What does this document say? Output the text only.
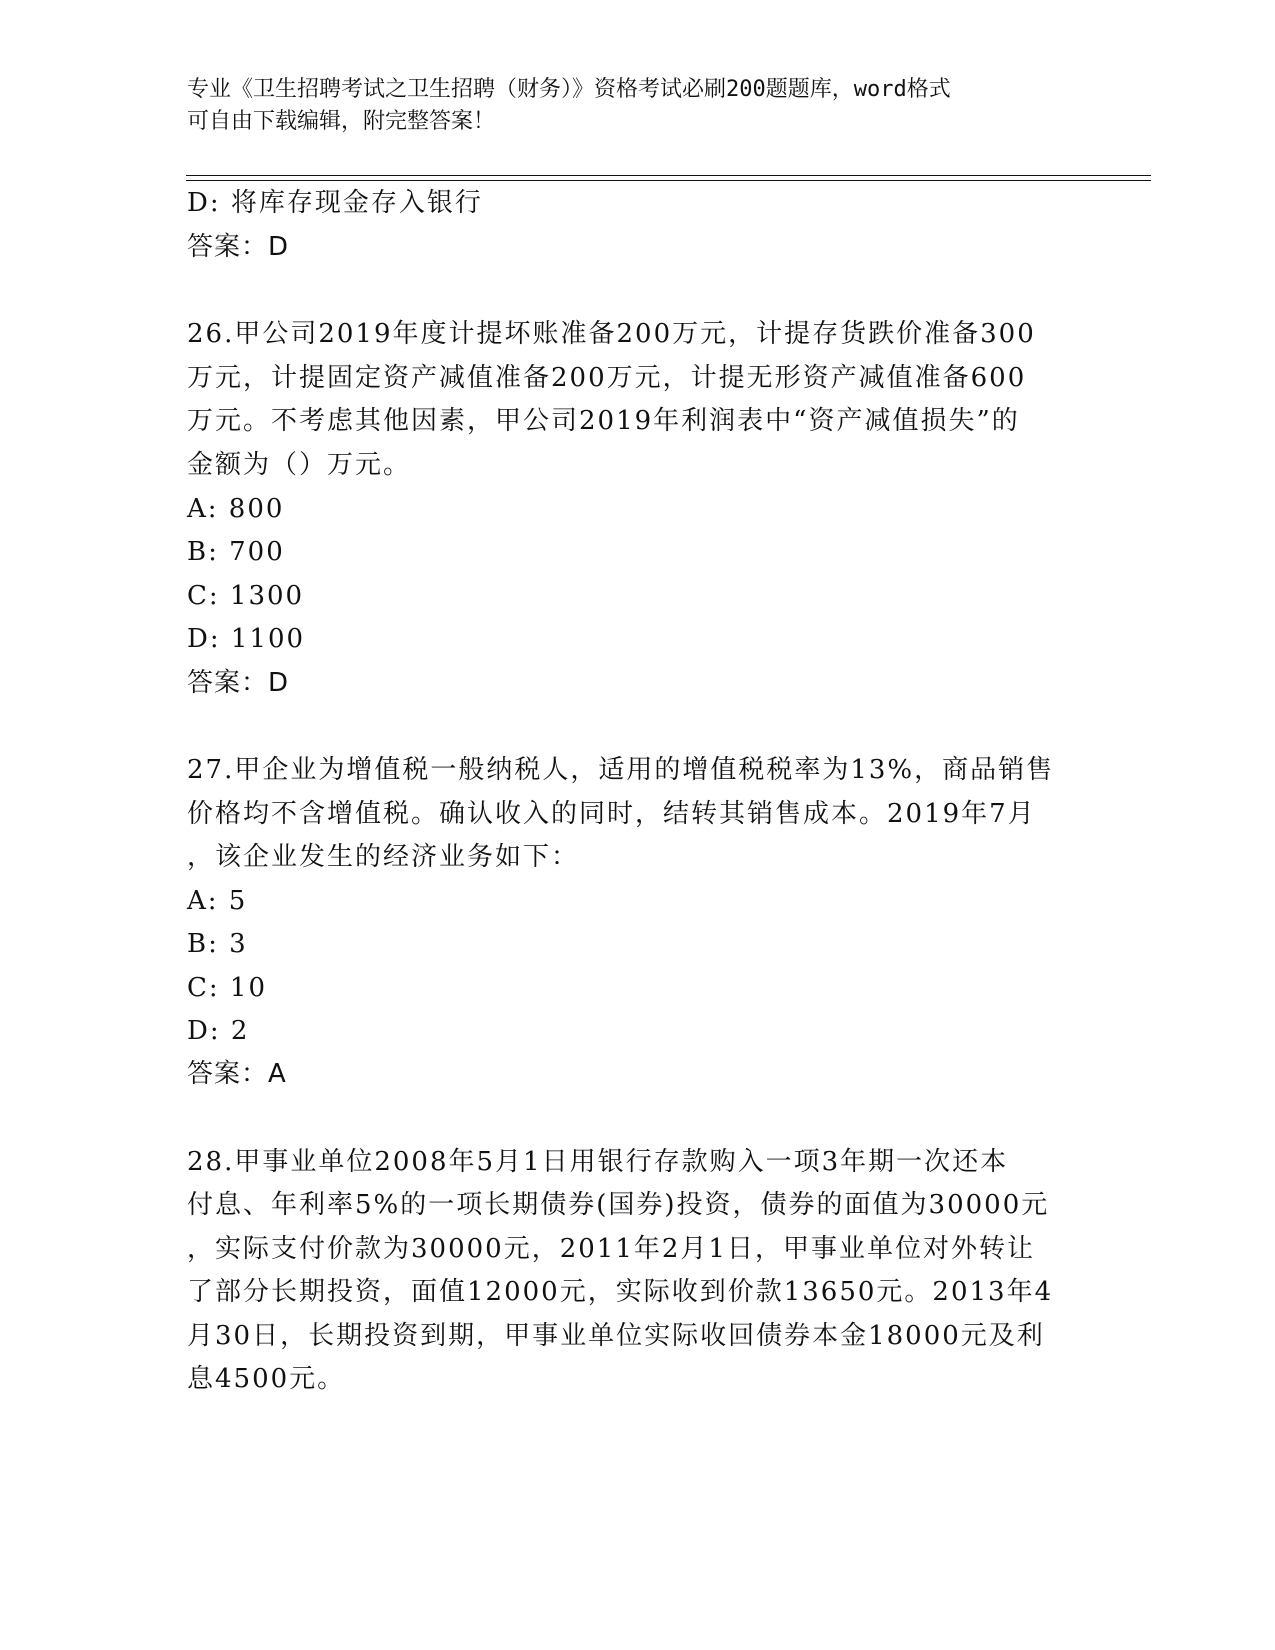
专业《卫生招聘考试之卫生招聘（财务）》资格考试必刷200题题库，word格式
可自由下载编辑，附完整答案！
D: 将库存现金存入银行
答案：D
26.甲公司2019年度计提坏账准备200万元，计提存货跌价准备300
万元，计提固定资产减值准备200万元，计提无形资产减值准备600
万元。不考虑其他因素，甲公司2019年利润表中“资产减值损失”的
金额为（）万元。
A: 800
B: 700
C: 1300
D: 1100
答案：D
27.甲企业为增值税一般纳税人，适用的增值税税率为13%，商品销售
价格均不含增值税。确认收入的同时，结转其销售成本。2019年7月
，该企业发生的经济业务如下：
A: 5
B: 3
C: 10
D: 2
答案：A
28.甲事业单位2008年5月1日用银行存款购入一项3年期一次还本
付息、年利率5%的一项长期债券(国券)投资，债券的面值为30000元
，实际支付价款为30000元，2011年2月1日，甲事业单位对外转让
了部分长期投资，面值12000元，实际收到价款13650元。2013年4
月30日，长期投资到期，甲事业单位实际收回债券本金18000元及利
息4500元。
